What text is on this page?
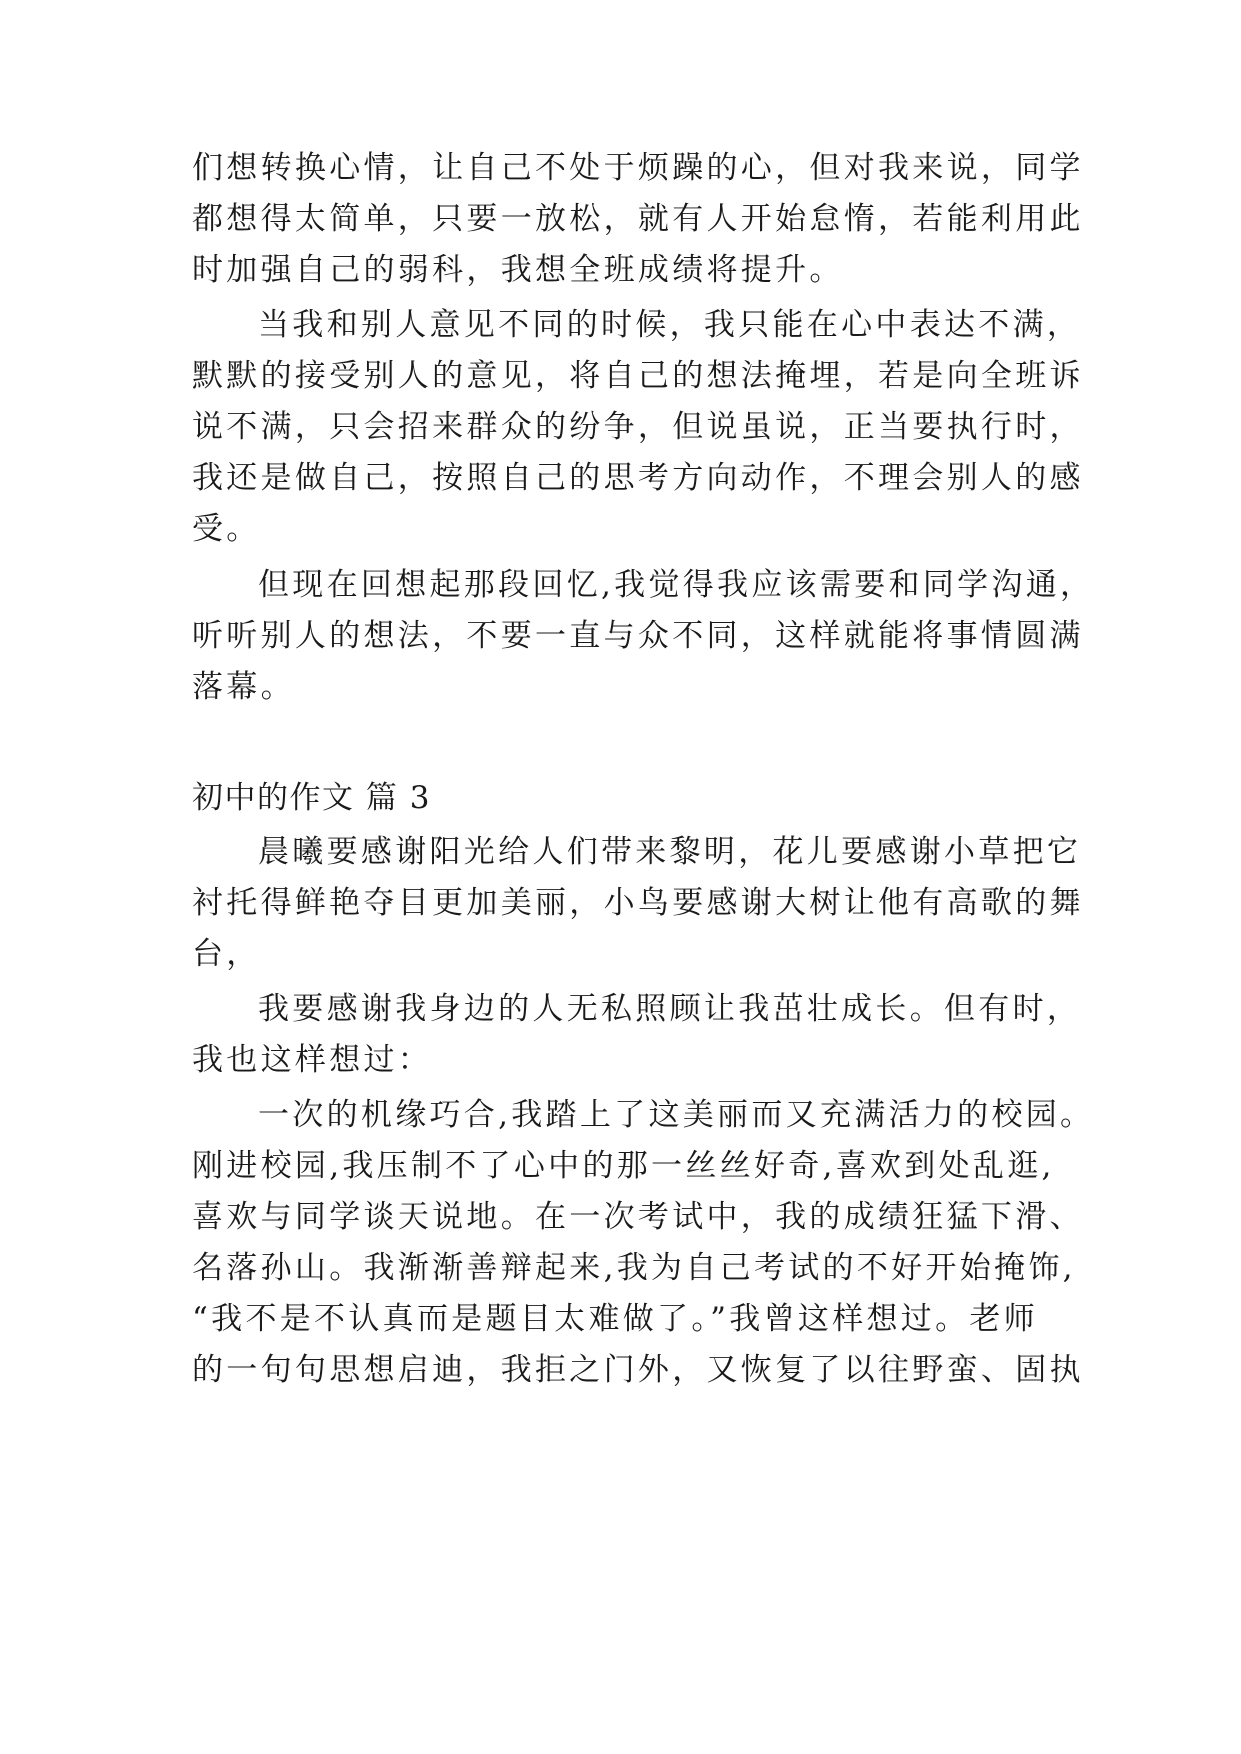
们想转换心情，让自己不处于烦躁的心，但对我来说，同学
都想得太简单，只要一放松，就有人开始怠惰，若能利用此
时加强自己的弱科，我想全班成绩将提升。
当我和别人意见不同的时候，我只能在心中表达不满，
默默的接受别人的意见，将自己的想法掩埋，若是向全班诉
说不满，只会招来群众的纷争，但说虽说，正当要执行时，
我还是做自己，按照自己的思考方向动作，不理会别人的感
受。
但现在回想起那段回忆,我觉得我应该需要和同学沟通，
听听别人的想法，不要一直与众不同，这样就能将事情圆满
落幕。
初中的作文 篇 3
晨曦要感谢阳光给人们带来黎明，花儿要感谢小草把它
衬托得鲜艳夺目更加美丽，小鸟要感谢大树让他有高歌的舞
台，
我要感谢我身边的人无私照顾让我茁壮成长。但有时，
我也这样想过：
一次的机缘巧合,我踏上了这美丽而又充满活力的校园。
刚进校园,我压制不了心中的那一丝丝好奇,喜欢到处乱逛,
喜欢与同学谈天说地。在一次考试中，我的成绩狂猛下滑、
名落孙山。我渐渐善辩起来,我为自己考试的不好开始掩饰,
“我不是不认真而是题目太难做了。”我曾这样想过。老师
的一句句思想启迪，我拒之门外，又恢复了以往野蛮、固执
